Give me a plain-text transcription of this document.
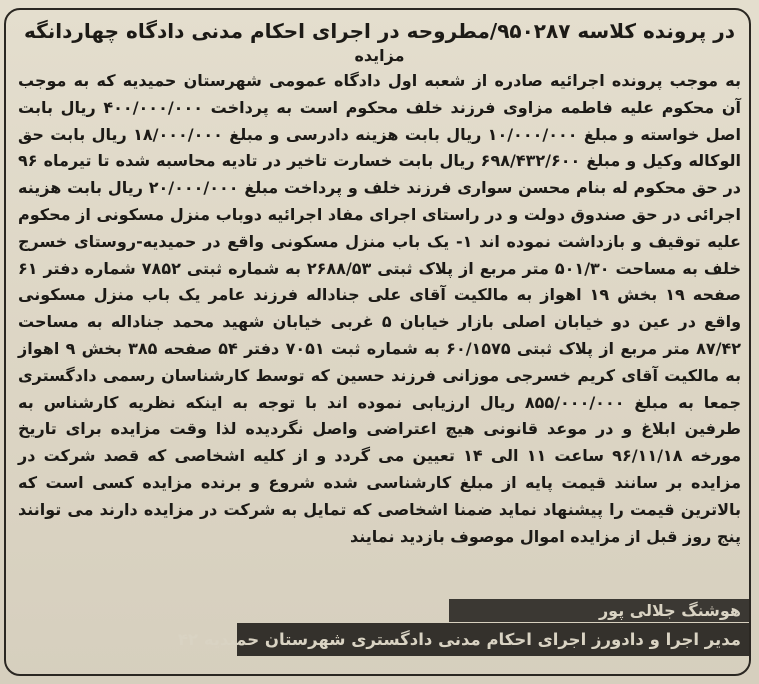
در پرونده کلاسه ۹۵۰۲۸۷/مطروحه در اجرای احکام مدنی دادگاه چهاردانگه
مزایده

به موجب پرونده اجرائیه صادره از شعبه اول دادگاه عمومی شهرستان حمیدیه که به موجب آن محکوم علیه فاطمه مزاوی فرزند خلف محکوم است به پرداخت ۴۰۰/۰۰۰/۰۰۰ ریال بابت اصل خواسته و مبلغ ۱۰/۰۰۰/۰۰۰ ریال بابت هزینه دادرسی و مبلغ ۱۸/۰۰۰/۰۰۰ ریال بابت حق الوکاله وکیل و مبلغ ۶۹۸/۴۳۲/۶۰۰ ریال بابت خسارت تاخیر در تادیه محاسبه شده تا تیرماه ۹۶ در حق محکوم له بنام محسن سواری فرزند خلف و پرداخت مبلغ ۲۰/۰۰۰/۰۰۰ ریال بابت هزینه اجرائی در حق صندوق دولت و در راستای اجرای مفاد اجرائیه دوباب منزل مسکونی از محکوم علیه توقیف و بازداشت نموده اند ۱- یک باب منزل مسکونی واقع در حمیدیه-روستای خسرج خلف به مساحت ۵۰۱/۳۰ متر مربع از پلاک ثبتی ۲۶۸۸/۵۳ به شماره ثبتی ۷۸۵۲ شماره دفتر ۶۱ صفحه ۱۹ بخش ۱۹ اهواز به مالکیت آقای علی جناداله فرزند عامر یک باب منزل مسکونی واقع در عین دو خیابان اصلی بازار خیابان ۵ غربی خیابان شهید محمد جناداله به مساحت ۸۷/۴۲ متر مربع از پلاک ثبتی ۶۰/۱۵۷۵ به شماره ثبت ۷۰۵۱ دفتر ۵۴ صفحه ۳۸۵ بخش ۹ اهواز به مالکیت آقای کریم خسرجی موزانی فرزند حسین که توسط کارشناسان رسمی دادگستری جمعا به مبلغ ۸۵۵/۰۰۰/۰۰۰ ریال ارزیابی نموده اند با توجه به اینکه نظریه کارشناس به طرفین ابلاغ و در موعد قانونی هیچ اعتراضی واصل نگردیده لذا وقت مزایده برای تاریخ مورخه ۹۶/۱۱/۱۸ ساعت ۱۱ الی ۱۴ تعیین می گردد و از کلیه اشخاصی که قصد شرکت در مزایده بر سانند قیمت پایه از مبلغ کارشناسی شده شروع و برنده مزایده کسی است که بالاترین قیمت را پیشنهاد نماید ضمنا اشخاصی که تمایل به شرکت در مزایده دارند می توانند پنج روز قبل از مزایده اموال موصوف بازدید نمایند

هوشنگ جلالی پور
مدیر اجرا و دادورز اجرای احکام مدنی دادگستری شهرستان حمیدیه ۴۲
